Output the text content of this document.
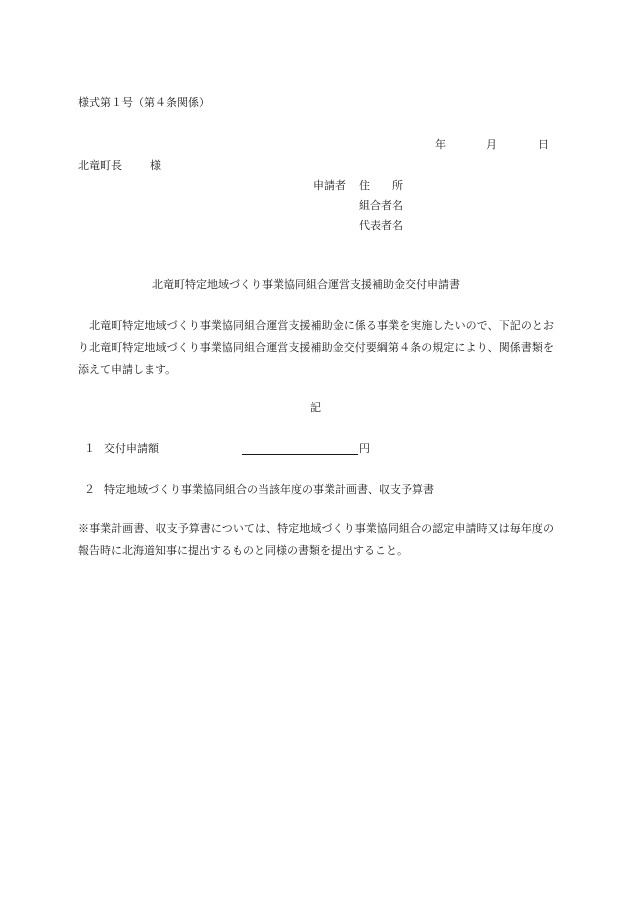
様式第１号（第４条関係）
年	月	日
北竜町長	様
申請者 住　　所
組合者名
代表者名
北竜町特定地域づくり事業協同組合運営支援補助金交付申請書
　北竜町特定地域づくり事業協同組合運営支援補助金に係る事業を実施したいので、下記のとおり北竜町特定地域づくり事業協同組合運営支援補助金交付要綱第４条の規定により、関係書類を添えて申請します。
記
１ 交付申請額	円
２ 特定地域づくり事業協同組合の当該年度の事業計画書、収支予算書
※事業計画書、収支予算書については、特定地域づくり事業協同組合の認定申請時又は毎年度の報告時に北海道知事に提出するものと同様の書類を提出すること。
